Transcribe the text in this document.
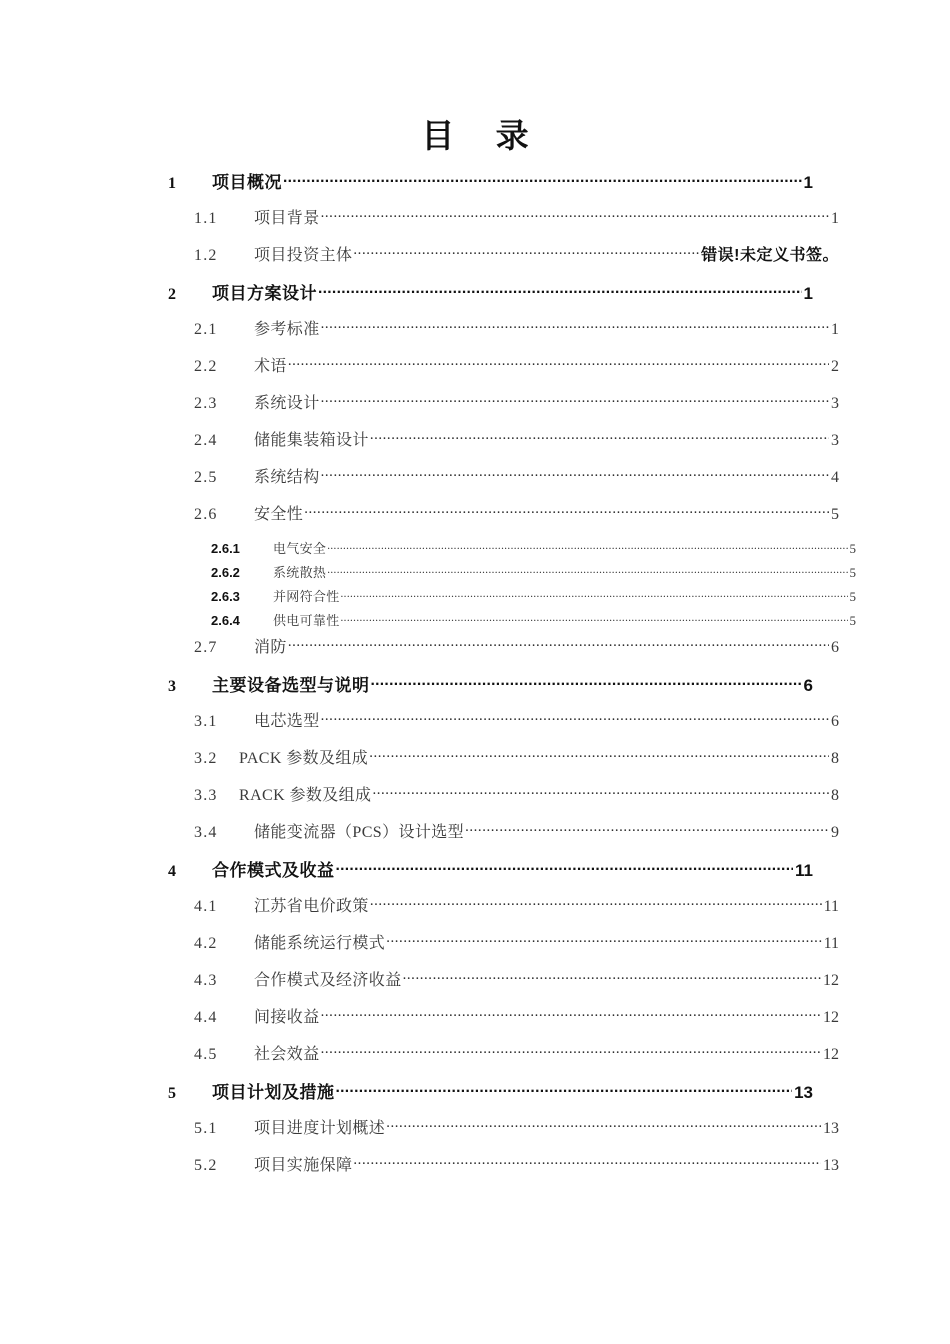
目 录
1	项目概况 .....	1
1.1	项目背景 .....	1
1.2	项目投资主体 .....	错误!未定义书签。
2	项目方案设计 .....	1
2.1	参考标准 .....	1
2.2	术语 .....	2
2.3	系统设计 .....	3
2.4	储能集装箱设计 .....	3
2.5	系统结构 .....	4
2.6	安全性 .....	5
2.6.1	电气安全 .....	5
2.6.2	系统散热 .....	5
2.6.3	并网符合性 .....	5
2.6.4	供电可靠性 .....	5
2.7	消防 .....	6
3	主要设备选型与说明 .....	6
3.1	电芯选型 .....	6
3.2	PACK 参数及组成 .....	8
3.3	RACK 参数及组成 .....	8
3.4	储能变流器（PCS）设计选型 .....	9
4	合作模式及收益 .....	11
4.1	江苏省电价政策 .....	11
4.2	储能系统运行模式 .....	11
4.3	合作模式及经济收益 .....	12
4.4	间接收益 .....	12
4.5	社会效益 .....	12
5	项目计划及措施 .....	13
5.1	项目进度计划概述 .....	13
5.2	项目实施保障 .....	13
